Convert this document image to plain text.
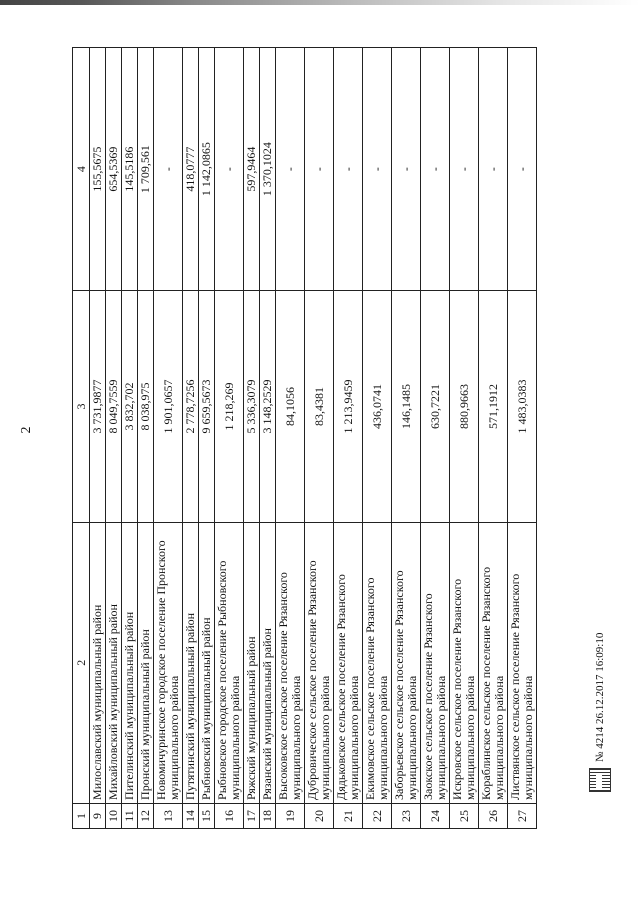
2
1	2	3	4
9	Милославский муниципальный район	3 731,9877	155,5675
10	Михайловский муниципальный район	8 049,7559	654,5369
11	Пителинский муниципальный район	3 832,702	145,5186
12	Пронский муниципальный район	8 038,975	1 709,561
13	Новомичуринское городское поселение Пронского муниципального района	1 901,0657	-
14	Путятинский муниципальный район	2 778,7256	418,0777
15	Рыбновский муниципальный район	9 659,5673	1 142,0865
16	Рыбновское городское поселение Рыбновского муниципального района	1 218,269	-
17	Ряжский муниципальный район	5 336,3079	597,9464
18	Рязанский муниципальный район	3 148,2529	1 370,1024
19	Высоковское сельское поселение Рязанского муниципального района	84,1056	-
20	Дубровическое сельское поселение Рязанского муниципального района	83,4381	-
21	Дядьковское сельское поселение Рязанского муниципального района	1 213,9459	-
22	Екимовское сельское поселение Рязанского муниципального района	436,0741	-
23	Заборьевское сельское поселение Рязанского муниципального района	146,1485	-
24	Заокское сельское поселение Рязанского муниципального района	630,7221	-
25	Искровское сельское поселение Рязанского муниципального района	880,9663	-
26	Кораблинское сельское поселение Рязанского муниципального района	571,1912	-
27	Листвянское сельское поселение Рязанского муниципального района	1 483,0383	-
№ 4214 26.12.2017 16:09:10
